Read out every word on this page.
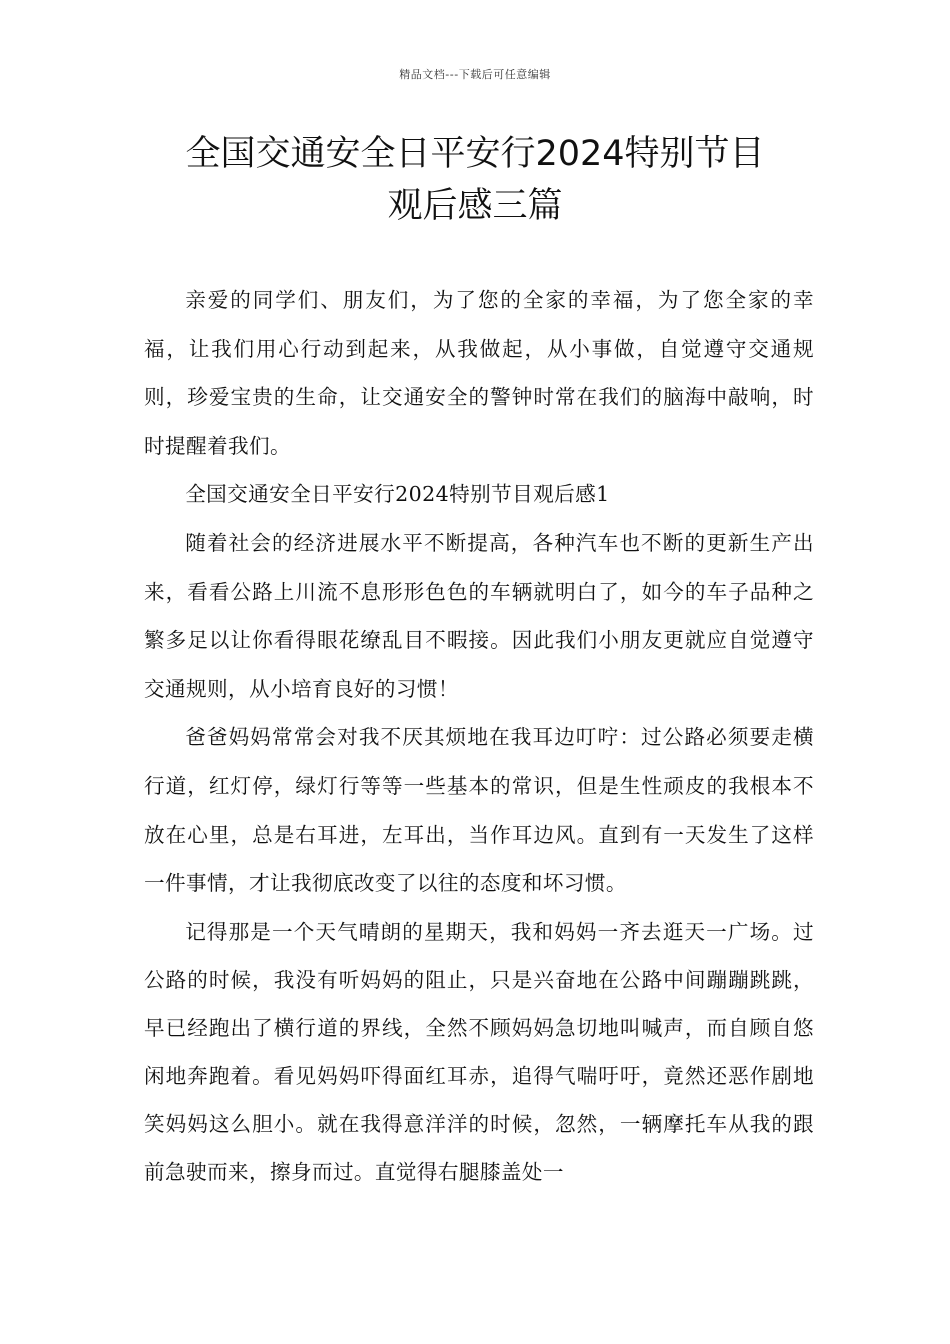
精品文档---下载后可任意编辑
全国交通安全日平安行2024特别节目
观后感三篇

亲爱的同学们、朋友们，为了您的全家的幸福，为了您全家的幸福，让我们用心行动到起来，从我做起，从小事做，自觉遵守交通规则，珍爱宝贵的生命，让交通安全的警钟时常在我们的脑海中敲响，时时提醒着我们。

全国交通安全日平安行2024特别节目观后感1

随着社会的经济进展水平不断提高，各种汽车也不断的更新生产出来，看看公路上川流不息形形色色的车辆就明白了，如今的车子品种之繁多足以让你看得眼花缭乱目不暇接。因此我们小朋友更就应自觉遵守交通规则，从小培育良好的习惯！

爸爸妈妈常常会对我不厌其烦地在我耳边叮咛：过公路必须要走横行道，红灯停，绿灯行等等一些基本的常识，但是生性顽皮的我根本不放在心里，总是右耳进，左耳出，当作耳边风。直到有一天发生了这样一件事情，才让我彻底改变了以往的态度和坏习惯。

记得那是一个天气晴朗的星期天，我和妈妈一齐去逛天一广场。过公路的时候，我没有听妈妈的阻止，只是兴奋地在公路中间蹦蹦跳跳，早已经跑出了横行道的界线，全然不顾妈妈急切地叫喊声，而自顾自悠闲地奔跑着。看见妈妈吓得面红耳赤，追得气喘吁吁，竟然还恶作剧地笑妈妈这么胆小。就在我得意洋洋的时候，忽然，一辆摩托车从我的跟前急驶而来，擦身而过。直觉得右腿膝盖处一
